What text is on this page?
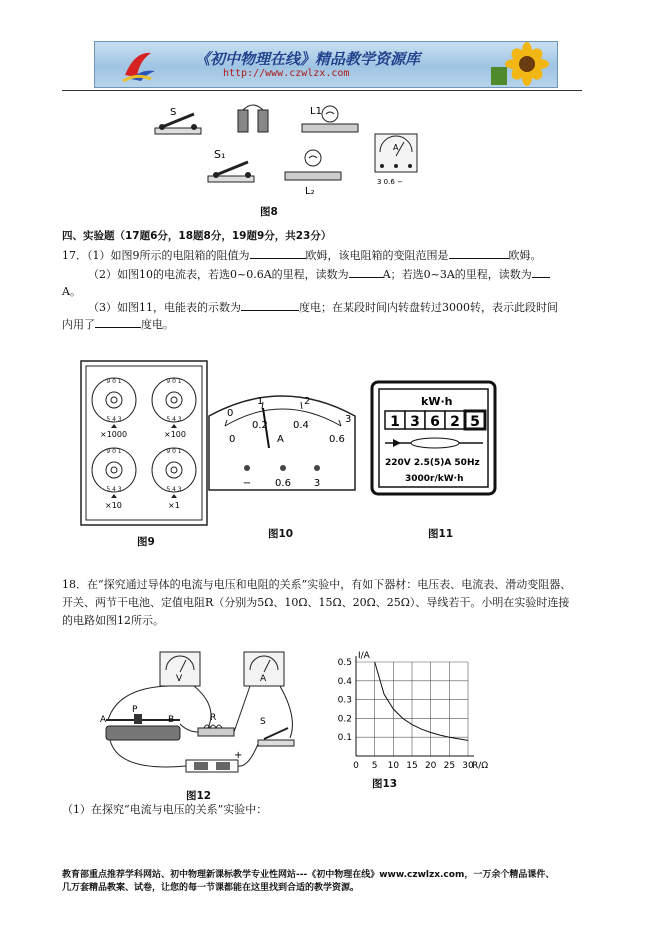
《初中物理在线》精品教学资源库
http://www.czwlzx.com
S	L1
S₁
L₂
A
3 0.6 −
图8
四、实验题（17题6分，18题8分，19题9分，共23分）
17．（1）如图9所示的电阻箱的阻值为	欧姆，该电阻箱的变阻范围是	欧姆。
（2）如图10的电流表，若选0~0.6A的里程，读数为	A；若选0~3A的里程，读数为
A。
（3）如图11，电能表的示数为	度电；在某段时间内转盘转过3000转，表示此段时间
内用了	度电。
9 0 1	9 0 1
9 0 1	9 0 1
5 4 3	5 4 3
5 4 3	5 4 3
×1000	×100
×10	×1
图9
0
1	2
3
0
0.2	0.4
0.6
A
− 0.6 3
图10
kW·h
1 3 6 2 5
220V 2.5(5)A 50Hz
3000r/kW·h
图11
18．在“探究通过导体的电流与电压和电阻的关系”实验中，有如下器材：电压表、电流表、滑动变阻器、
开关、两节干电池、定值电阻R（分别为5Ω、10Ω、15Ω、20Ω、25Ω）、导线若干。小明在实验时连接
的电路如图12所示。
V	A
A
P
B	R	S
+
图12
0 5 10 15 20 25 30
0.1
0.2
0.3
0.4
0.5
I/A
R/Ω
图13
（1）在探究“电流与电压的关系”实验中：
教育部重点推荐学科网站、初中物理新课标教学专业性网站---《初中物理在线》www.czwlzx.com，一万余个精品课件、
几万套精品教案、试卷，让您的每一节课都能在这里找到合适的教学资源。
